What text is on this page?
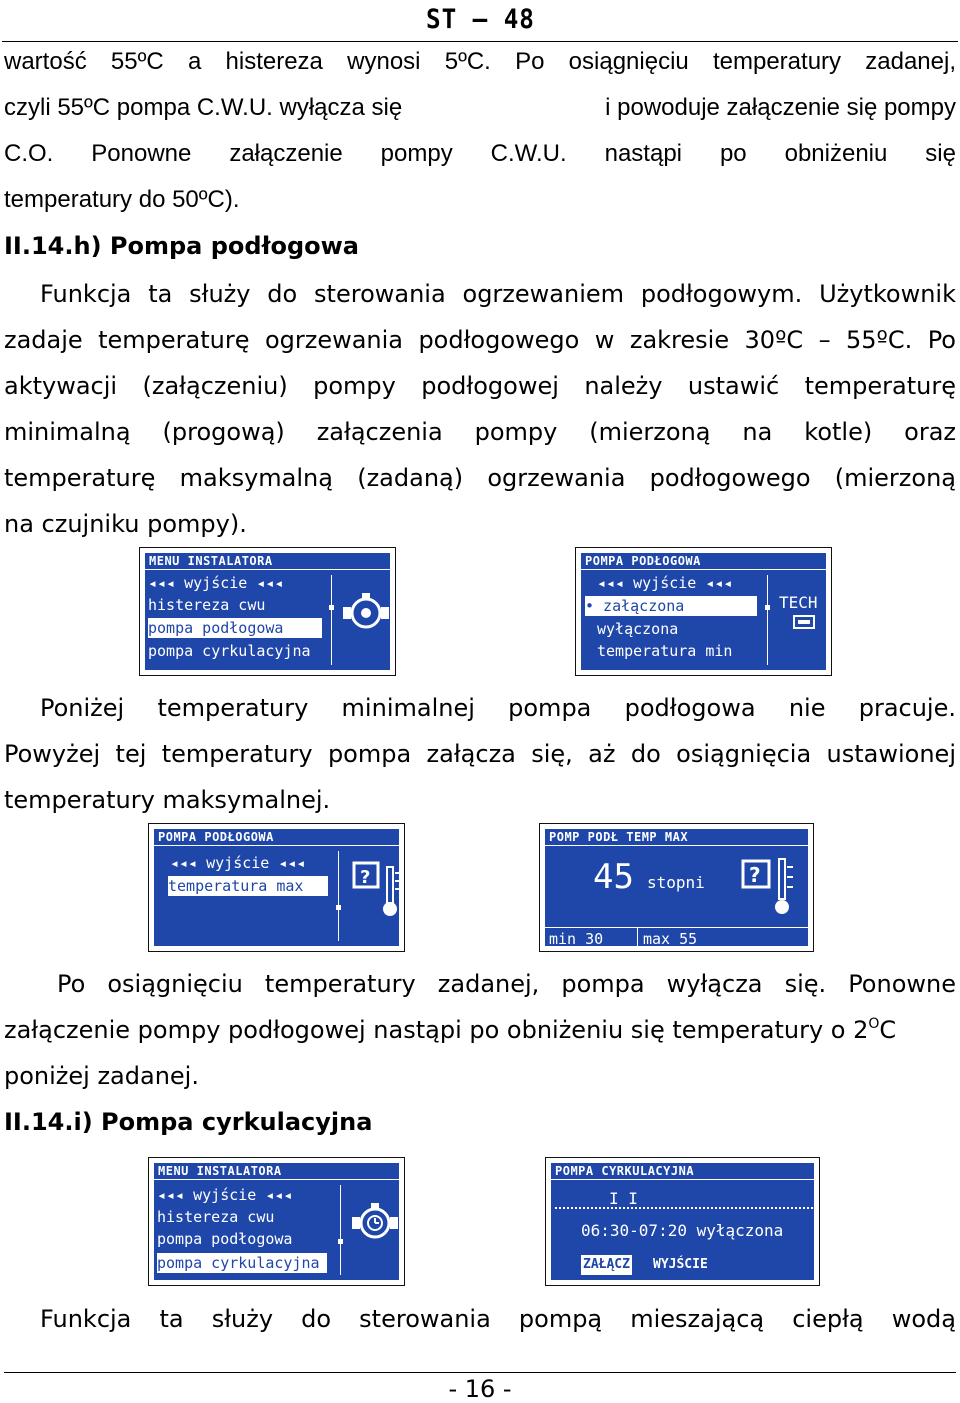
ST – 48
wartość 55ºC a histereza wynosi 5ºC. Po osiągnięciu temperatury zadanej,
czyli 55ºC pompa C.W.U. wyłącza się	i powoduje załączenie się pompy
C.O. Ponowne załączenie pompy C.W.U. nastąpi po obniżeniu się
temperatury do 50ºC).
II.14.h) Pompa podłogowa
Funkcja ta służy do sterowania ogrzewaniem podłogowym. Użytkownik
zadaje temperaturę ogrzewania podłogowego w zakresie 30ºC – 55ºC. Po
aktywacji (załączeniu) pompy podłogowej należy ustawić temperaturę
minimalną (progową) załączenia pompy (mierzoną na kotle) oraz
temperaturę maksymalną (zadaną) ogrzewania podłogowego (mierzoną
na czujniku pompy).
MENU INSTALATORA
◂◂◂ wyjście ◂◂◂
histereza cwu
pompa podłogowa
pompa cyrkulacyjna
POMPA PODŁOGOWA
◂◂◂ wyjście ◂◂◂
• załączona
wyłączona
temperatura min
TECH
Poniżej temperatury minimalnej pompa podłogowa nie pracuje.
Powyżej tej temperatury pompa załącza się, aż do osiągnięcia ustawionej
temperatury maksymalnej.
POMPA PODŁOGOWA
◂◂◂ wyjście ◂◂◂
temperatura max	?
POMP PODŁ TEMP MAX
45 stopni ?
min 30	max 55
Po osiągnięciu temperatury zadanej, pompa wyłącza się. Ponowne
załączenie pompy podłogowej nastąpi po obniżeniu się temperatury o $2^OC$
poniżej zadanej.
II.14.i) Pompa cyrkulacyjna
MENU INSTALATORA
◂◂◂ wyjście ◂◂◂
histereza cwu
pompa podłogowa
pompa cyrkulacyjna
POMPA CYRKULACYJNA
I I
06:30-07:20 wyłączona
ZAŁĄCZ WYJŚCIE
Funkcja ta służy do sterowania pompą mieszającą ciepłą wodą
- 16 -
